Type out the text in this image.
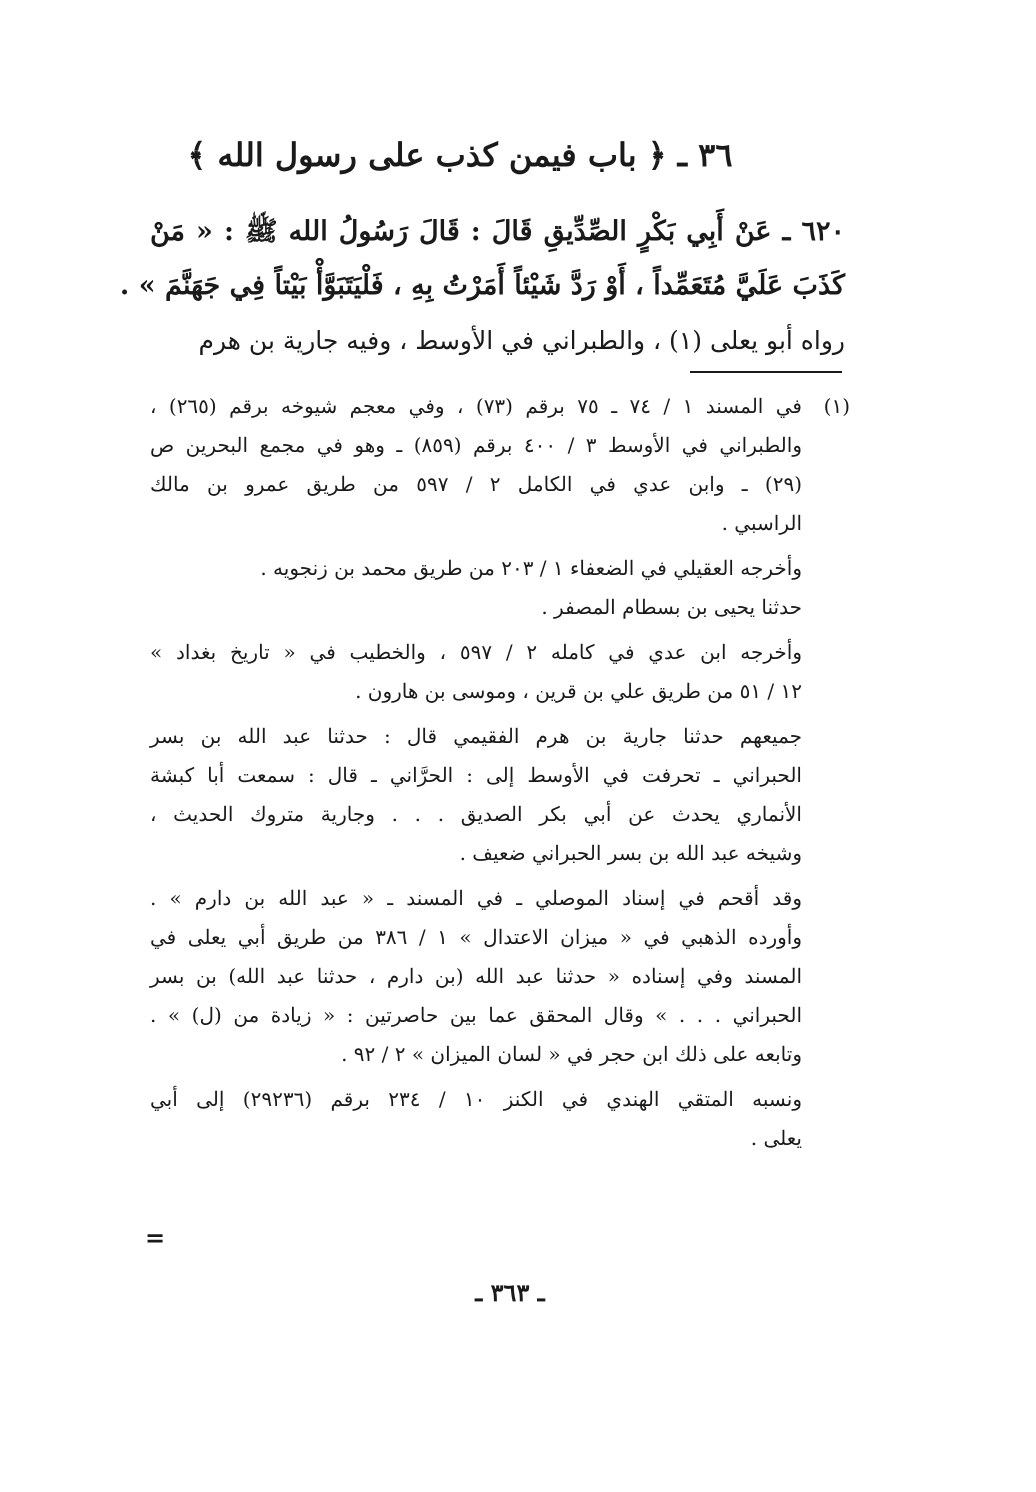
٣٦ ـ ﴿ باب فيمن كذب على رسول الله ﴾
٦٢٠ ـ عَنْ أَبِي بَكْرٍ الصِّدِّيقِ قَالَ : قَالَ رَسُولُ الله ﷺ : « مَنْ
كَذَبَ عَلَيَّ مُتَعَمِّداً ، أَوْ رَدَّ شَيْئاً أَمَرْتُ بِهِ ، فَلْيَتَبَوَّأْ بَيْتاً فِي جَهَنَّمَ » .
رواه أبو يعلى (١) ، والطبراني في الأوسط ، وفيه جارية بن هرم
(١)
في المسند ١ / ٧٤ ـ ٧٥ برقم (٧٣) ، وفي معجم شيوخه برقم (٢٦٥) ،
والطبراني في الأوسط ٣ / ٤٠٠ برقم (٨٥٩) ـ وهو في مجمع البحرين ص
(٢٩) ـ وابن عدي في الكامل ٢ / ٥٩٧ من طريق عمرو بن مالك
الراسبي .
وأخرجه العقيلي في الضعفاء ١ / ٢٠٣ من طريق محمد بن زنجويه .
حدثنا يحيى بن بسطام المصفر .
وأخرجه ابن عدي في كامله ٢ / ٥٩٧ ، والخطيب في « تاريخ بغداد »
١٢ / ٥١ من طريق علي بن قرين ، وموسى بن هارون .
جميعهم حدثنا جارية بن هرم الفقيمي قال : حدثنا عبد الله بن بسر
الحبراني ـ تحرفت في الأوسط إلى : الحرَّاني ـ قال : سمعت أبا كبشة
الأنماري يحدث عن أبي بكر الصديق . . . وجارية متروك الحديث ،
وشيخه عبد الله بن بسر الحبراني ضعيف .
وقد أقحم في إسناد الموصلي ـ في المسند ـ « عبد الله بن دارم » .
وأورده الذهبي في « ميزان الاعتدال » ١ / ٣٨٦ من طريق أبي يعلى في
المسند وفي إسناده « حدثنا عبد الله (بن دارم ، حدثنا عبد الله) بن بسر
الحبراني . . . » وقال المحقق عما بين حاصرتين : « زيادة من (ل) » .
وتابعه على ذلك ابن حجر في « لسان الميزان » ٢ / ٩٢ .
ونسبه المتقي الهندي في الكنز ١٠ / ٢٣٤ برقم (٢٩٢٣٦) إلى أبي
يعلى .
=
ـ ٣٦٣ ـ
